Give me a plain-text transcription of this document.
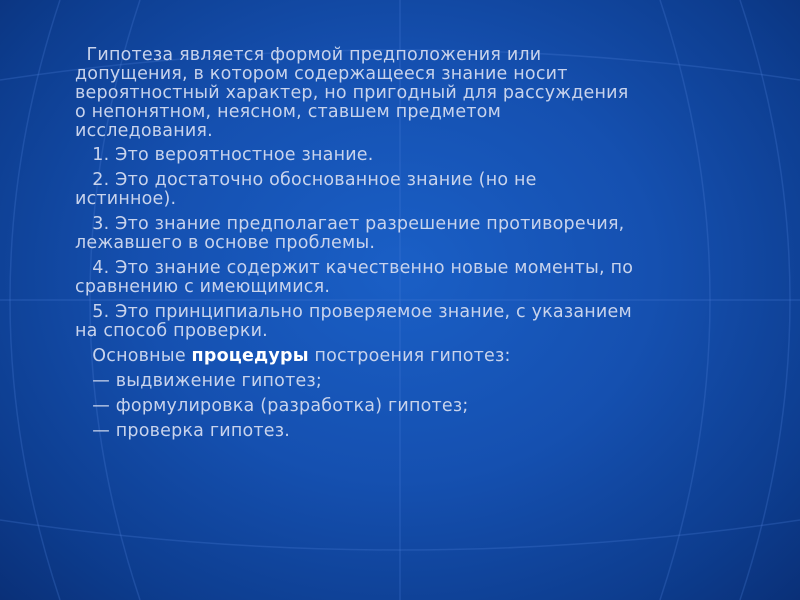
Гипотеза является формой предположения или
допущения, в котором содержащееся знание носит
вероятностный характер, но пригодный для рассуждения
о непонятном, неясном, ставшем предметом
исследования.

1. Это вероятностное знание.

2. Это достаточно обоснованное знание (но не
истинное).

3. Это знание предполагает разрешение противоречия,
лежавшего в основе проблемы.

4. Это знание содержит качественно новые моменты, по
сравнению с имеющимися.

5. Это принципиально проверяемое знание, с указанием
на способ проверки.

Основные процедуры построения гипотез:

— выдвижение гипотез;

— формулировка (разработка) гипотез;

— проверка гипотез.
